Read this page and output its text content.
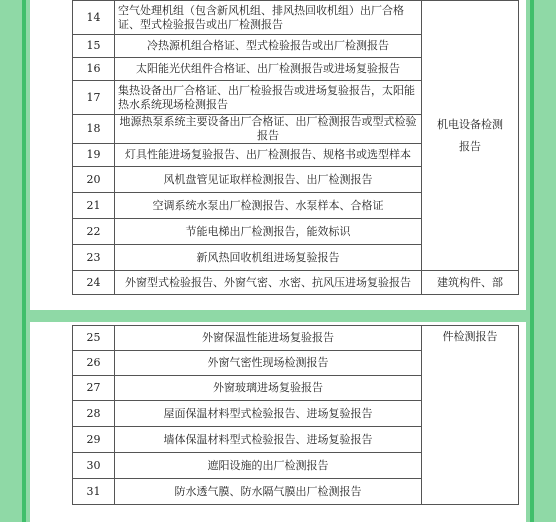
14	空气处理机组（包含新风机组、排风热回收机组）出厂合格证、型式检验报告或出厂检测报告	机电设备检测报告

15	冷热源机组合格证、型式检验报告或出厂检测报告	
16	太阳能光伏组件合格证、出厂检测报告或进场复验报告	
17	集热设备出厂合格证、出厂检验报告或进场复验报告，太阳能热水系统现场检测报告	
18	地源热泵系统主要设备出厂合格证、出厂检测报告或型式检验报告	
19	灯具性能进场复验报告、出厂检测报告、规格书或选型样本	
20	风机盘管见证取样检测报告、出厂检测报告	
21	空调系统水泵出厂检测报告、水泵样本、合格证	
22	节能电梯出厂检测报告，能效标识	
23	新风热回收机组进场复验报告	
24	外窗型式检验报告、外窗气密、水密、抗风压进场复验报告	建筑构件、部
25	外窗保温性能进场复验报告	件检测报告
26	外窗气密性现场检测报告	
27	外窗玻璃进场复验报告	
28	屋面保温材料型式检验报告、进场复验报告	
29	墙体保温材料型式检验报告、进场复验报告	
30	遮阳设施的出厂检测报告	
31	防水透气膜、防水隔气膜出厂检测报告	
